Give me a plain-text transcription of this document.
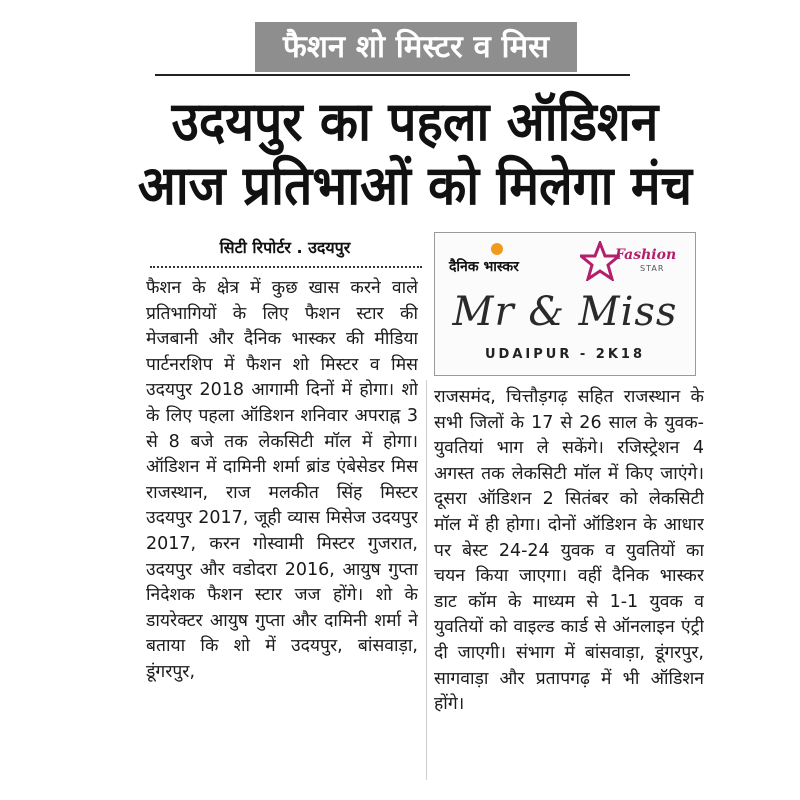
फैशन शो मिस्टर व मिस
उदयपुर का पहला ऑडिशन
आज प्रतिभाओं को मिलेगा मंच
सिटी रिपोर्टर . उदयपुर
दैनिक भास्कर
Fashion
STAR
Mr & Miss
UDAIPUR - 2K18

फैशन के क्षेत्र में कुछ खास करने वाले प्रतिभागियों के लिए फैशन स्टार की मेजबानी और दैनिक भास्कर की मीडिया पार्टनरशिप में फैशन शो मिस्टर व मिस उदयपुर 2018 आगामी दिनों में होगा। शो के लिए पहला ऑडिशन शनिवार अपराह्न 3 से 8 बजे तक लेकसिटी मॉल में होगा। ऑडिशन में दामिनी शर्मा ब्रांड एंबेसेडर मिस राजस्थान, राज मलकीत सिंह मिस्टर उदयपुर 2017, जूही व्यास मिसेज उदयपुर 2017, करन गोस्वामी मिस्टर गुजरात, उदयपुर और वडोदरा 2016, आयुष गुप्ता निदेशक फैशन स्टार जज होंगे। शो के डायरेक्टर आयुष गुप्ता और दामिनी शर्मा ने बताया कि शो में उदयपुर, बांसवाड़ा, डूंगरपुर,

राजसमंद, चित्तौड़गढ़ सहित राजस्थान के सभी जिलों के 17 से 26 साल के युवक-युवतियां भाग ले सकेंगे। रजिस्ट्रेशन 4 अगस्त तक लेकसिटी मॉल में किए जाएंगे। दूसरा ऑडिशन 2 सितंबर को लेकसिटी मॉल में ही होगा। दोनों ऑडिशन के आधार पर बेस्ट 24-24 युवक व युवतियों का चयन किया जाएगा। वहीं दैनिक भास्कर डाट कॉम के माध्यम से 1-1 युवक व युवतियों को वाइल्ड कार्ड से ऑनलाइन एंट्री दी जाएगी। संभाग में बांसवाड़ा, डूंगरपुर, सागवाड़ा और प्रतापगढ़ में भी ऑडिशन होंगे।
